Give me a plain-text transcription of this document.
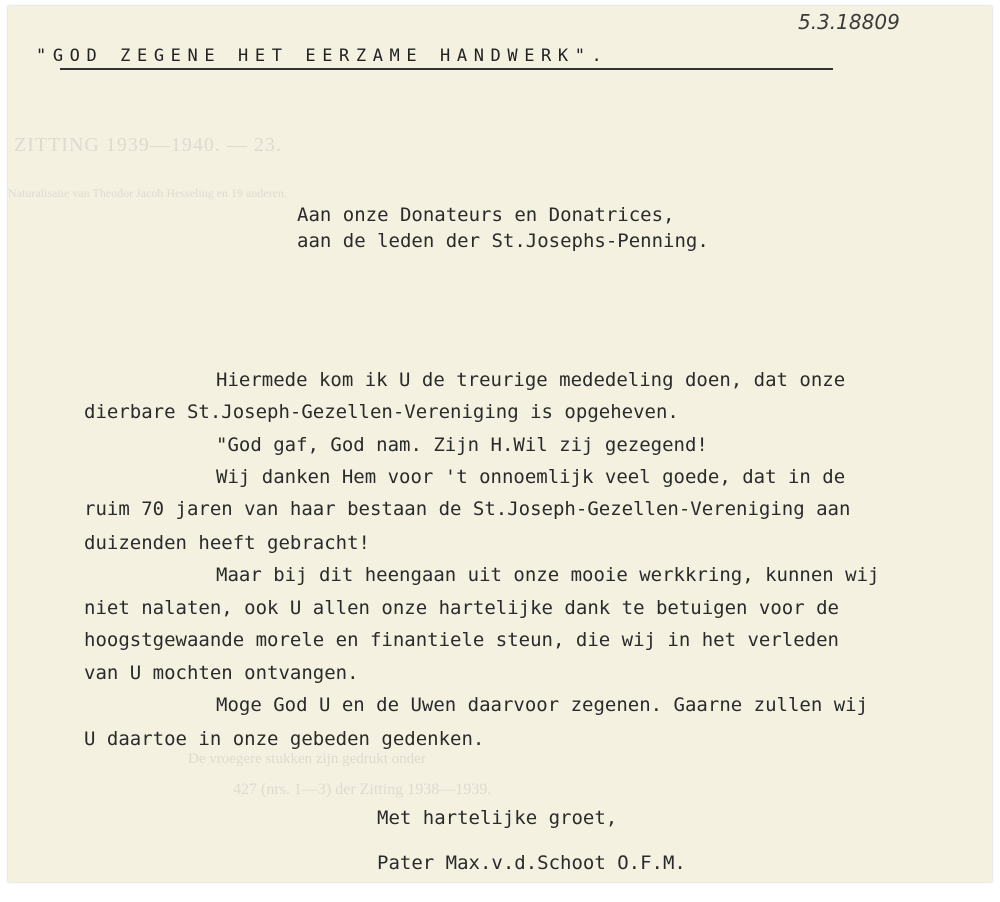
ZITTING 1939—1940. — 23.
Naturalisatie van Theodor Jacob Hesseling en 19 anderen.
De vroegere stukken zijn gedrukt onder
427 (nrs. 1—3) der Zitting 1938—1939.
5.3.18809
"GOD ZEGENE HET EERZAME HANDWERK".
Aan onze Donateurs en Donatrices,
aan de leden der St.Josephs-Penning.
Hiermede kom ik U de treurige mededeling doen, dat onze
dierbare St.Joseph-Gezellen-Vereniging is opgeheven.
"God gaf, God nam. Zijn H.Wil zij gezegend!
Wij danken Hem voor 't onnoemlijk veel goede, dat in de
ruim 70 jaren van haar bestaan de St.Joseph-Gezellen-Vereniging aan
duizenden heeft gebracht!
Maar bij dit heengaan uit onze mooie werkkring, kunnen wij
niet nalaten, ook U allen onze hartelijke dank te betuigen voor de
hoogstgewaande morele en finantiele steun, die wij in het verleden
van U mochten ontvangen.
Moge God U en de Uwen daarvoor zegenen. Gaarne zullen wij
U daartoe in onze gebeden gedenken.
Met hartelijke groet,
Pater Max.v.d.Schoot O.F.M.
